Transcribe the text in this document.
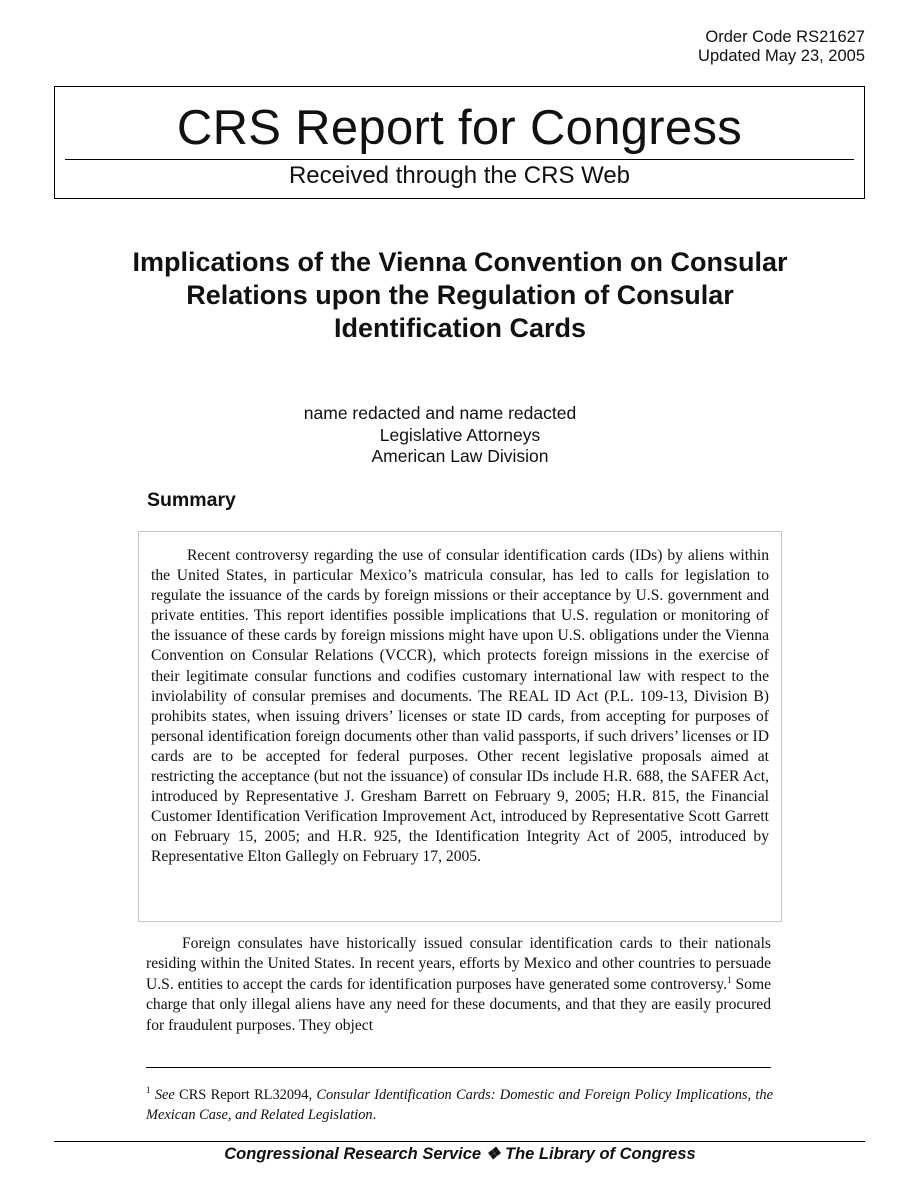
Order Code RS21627
Updated May 23, 2005
CRS Report for Congress
Received through the CRS Web
Implications of the Vienna Convention on Consular Relations upon the Regulation of Consular Identification Cards
name redacted and name redacted
Legislative Attorneys
American Law Division
Summary

Recent controversy regarding the use of consular identification cards (IDs) by aliens within the United States, in particular Mexico’s matricula consular, has led to calls for legislation to regulate the issuance of the cards by foreign missions or their acceptance by U.S. government and private entities. This report identifies possible implications that U.S. regulation or monitoring of the issuance of these cards by foreign missions might have upon U.S. obligations under the Vienna Convention on Consular Relations (VCCR), which protects foreign missions in the exercise of their legitimate consular functions and codifies customary international law with respect to the inviolability of consular premises and documents. The REAL ID Act (P.L. 109-13, Division B) prohibits states, when issuing drivers’ licenses or state ID cards, from accepting for purposes of personal identification foreign documents other than valid passports, if such drivers’ licenses or ID cards are to be accepted for federal purposes. Other recent legislative proposals aimed at restricting the acceptance (but not the issuance) of consular IDs include H.R. 688, the SAFER Act, introduced by Representative J. Gresham Barrett on February 9, 2005; H.R. 815, the Financial Customer Identification Verification Improvement Act, introduced by Representative Scott Garrett on February 15, 2005; and H.R. 925, the Identification Integrity Act of 2005, introduced by Representative Elton Gallegly on February 17, 2005.

Foreign consulates have historically issued consular identification cards to their nationals residing within the United States. In recent years, efforts by Mexico and other countries to persuade U.S. entities to accept the cards for identification purposes have generated some controversy.$^1$ Some charge that only illegal aliens have any need for these documents, and that they are easily procured for fraudulent purposes. They object

$^1$ See CRS Report RL32094, Consular Identification Cards: Domestic and Foreign Policy Implications, the Mexican Case, and Related Legislation.

Congressional Research Service ❖ The Library of Congress
